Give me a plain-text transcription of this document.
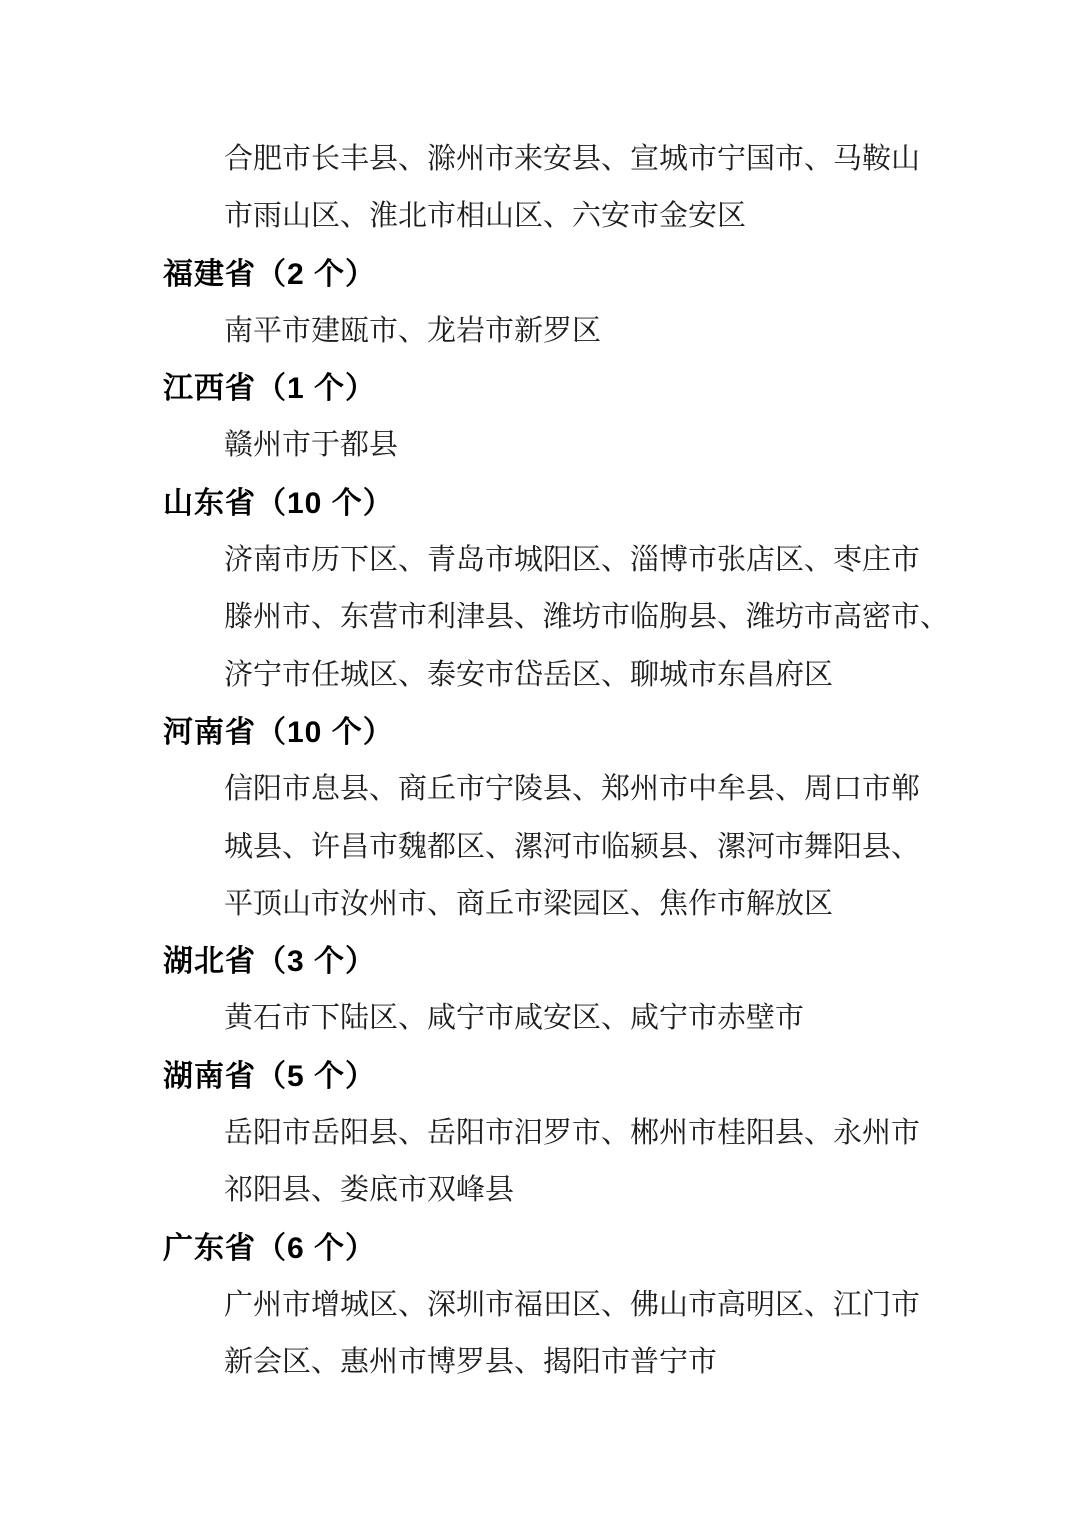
合肥市长丰县、滁州市来安县、宣城市宁国市、马鞍山

市雨山区、淮北市相山区、六安市金安区

福建省（2 个）

南平市建瓯市、龙岩市新罗区

江西省（1 个）

赣州市于都县

山东省（10 个）

济南市历下区、青岛市城阳区、淄博市张店区、枣庄市

滕州市、东营市利津县、潍坊市临朐县、潍坊市高密市、

济宁市任城区、泰安市岱岳区、聊城市东昌府区

河南省（10 个）

信阳市息县、商丘市宁陵县、郑州市中牟县、周口市郸

城县、许昌市魏都区、漯河市临颍县、漯河市舞阳县、

平顶山市汝州市、商丘市梁园区、焦作市解放区

湖北省（3 个）

黄石市下陆区、咸宁市咸安区、咸宁市赤壁市

湖南省（5 个）

岳阳市岳阳县、岳阳市汨罗市、郴州市桂阳县、永州市

祁阳县、娄底市双峰县

广东省（6 个）

广州市增城区、深圳市福田区、佛山市高明区、江门市

新会区、惠州市博罗县、揭阳市普宁市
